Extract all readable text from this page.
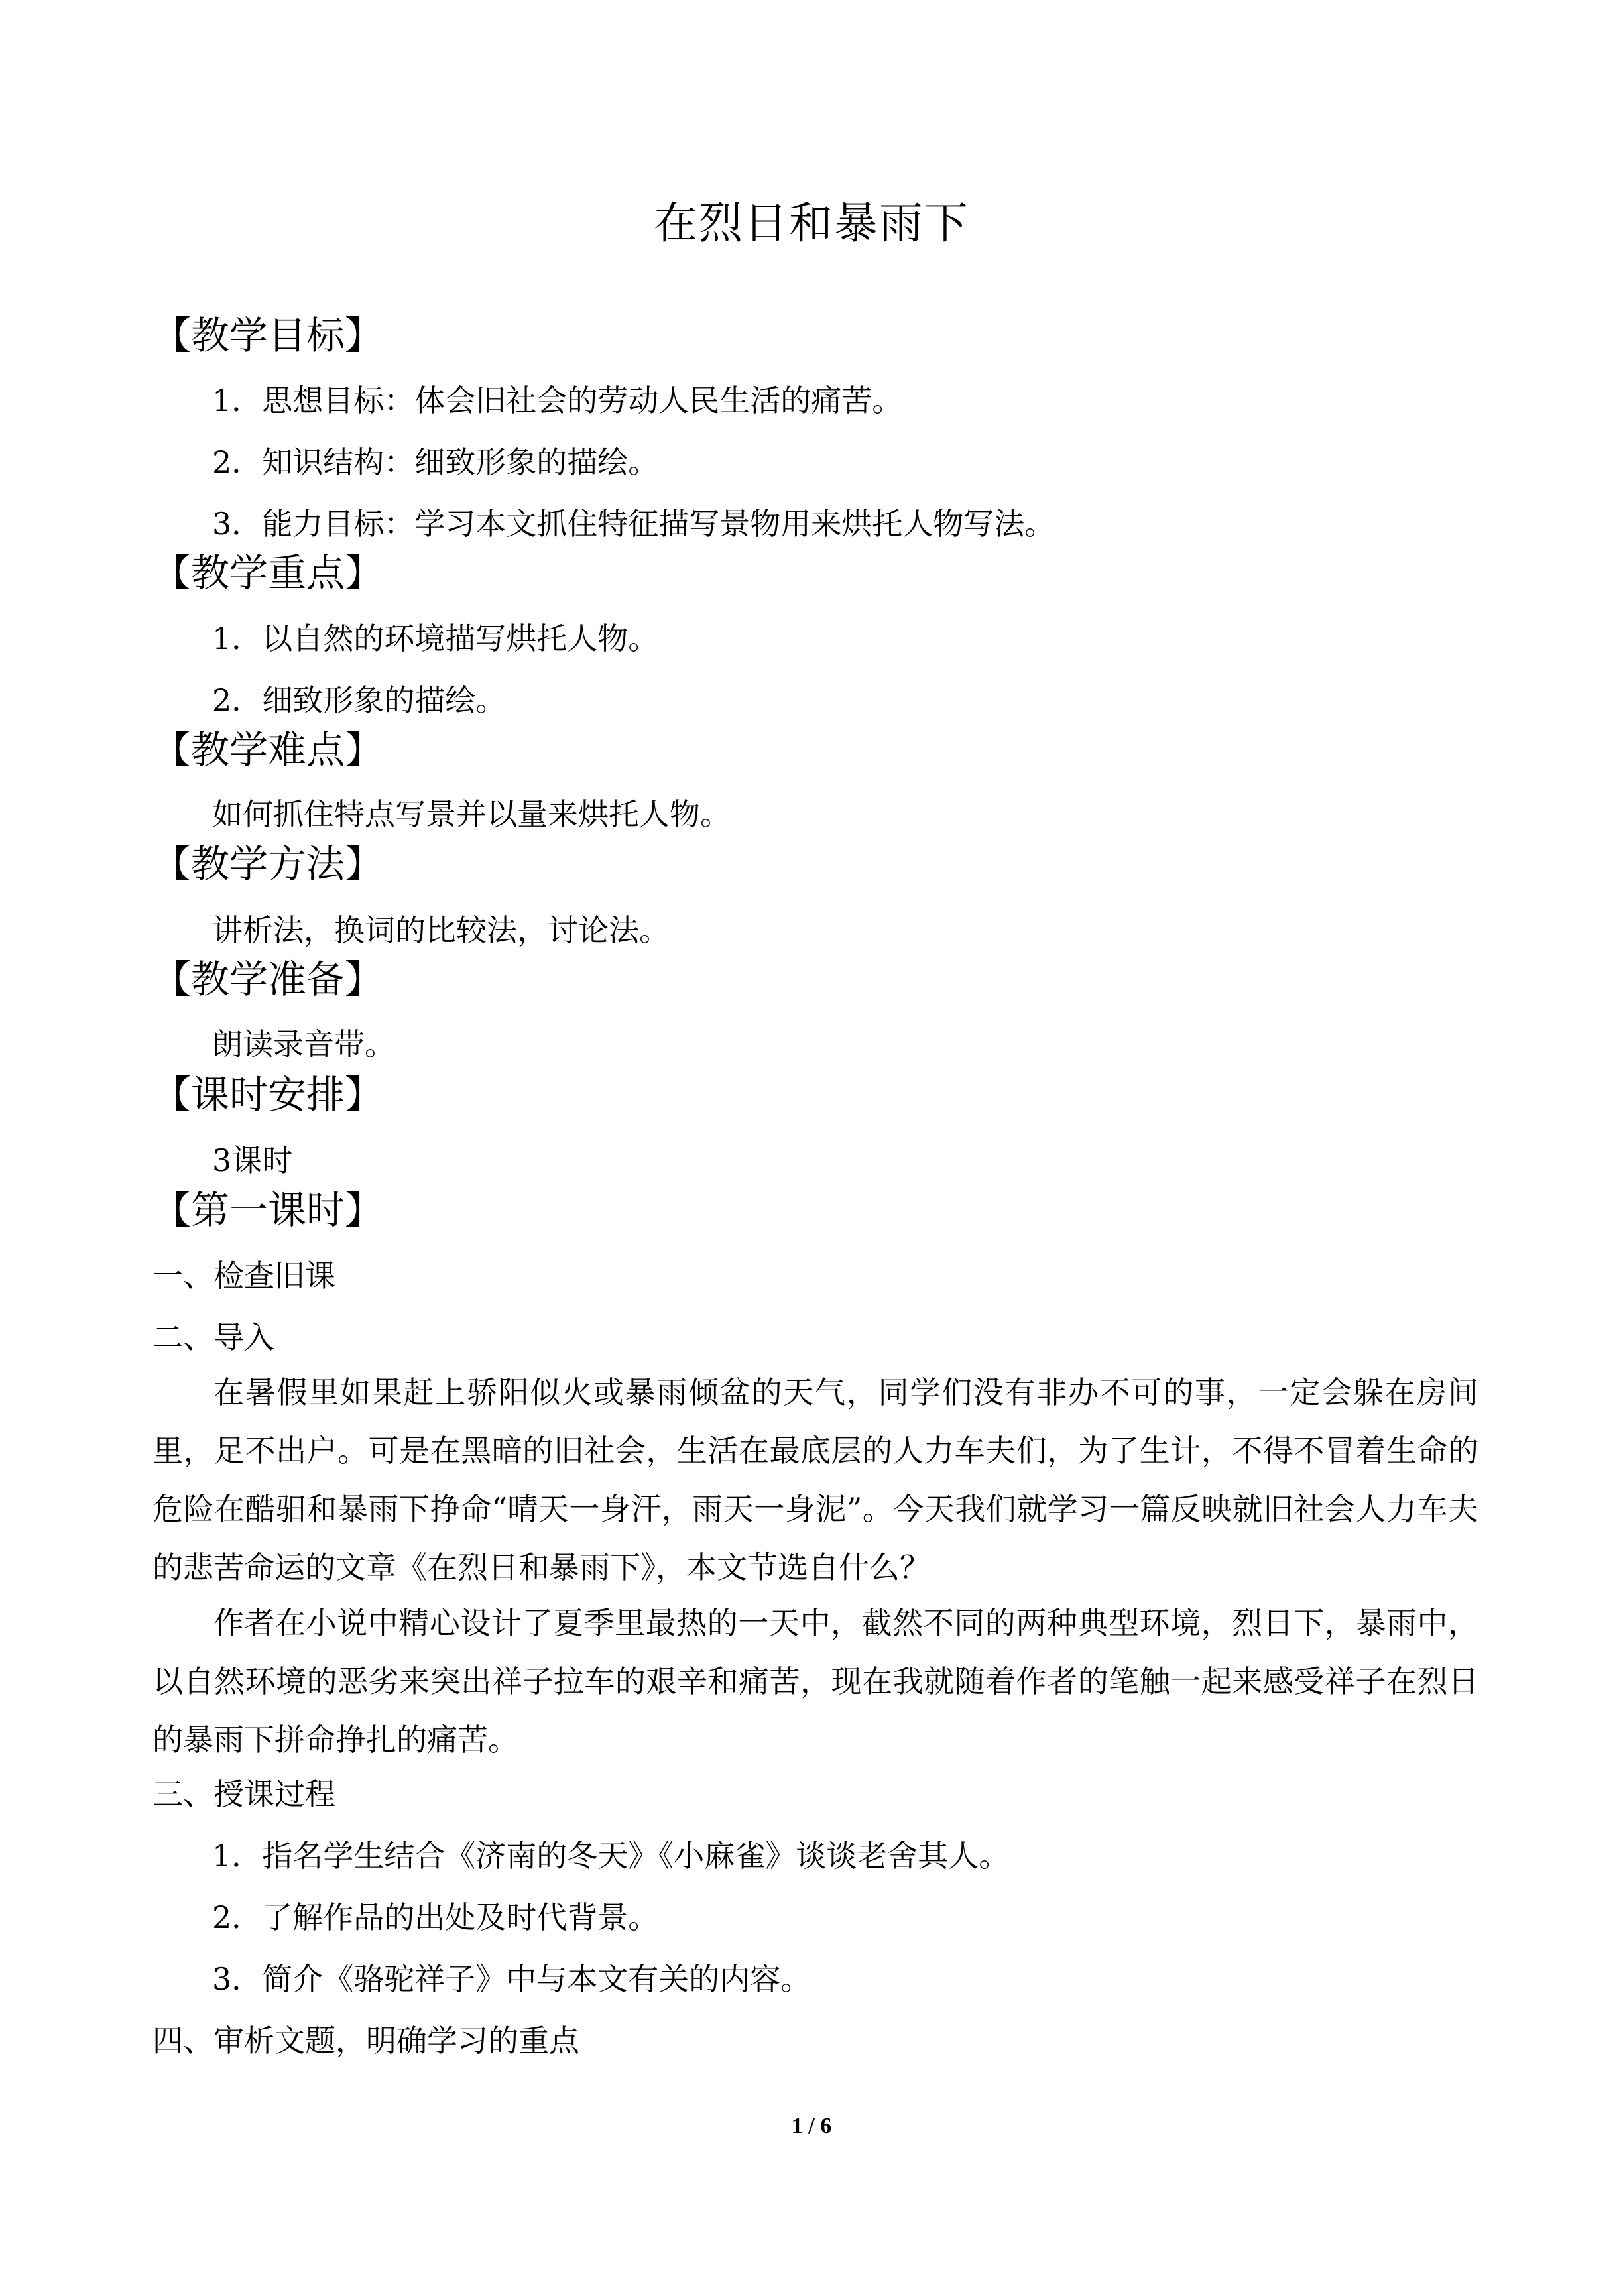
在烈日和暴雨下
【教学目标】
1．思想目标：体会旧社会的劳动人民生活的痛苦。
2．知识结构：细致形象的描绘。
3．能力目标：学习本文抓住特征描写景物用来烘托人物写法。
【教学重点】
1．以自然的环境描写烘托人物。
2．细致形象的描绘。
【教学难点】
如何抓住特点写景并以量来烘托人物。
【教学方法】
讲析法，换词的比较法，讨论法。
【教学准备】
朗读录音带。
【课时安排】
3课时
【第一课时】
一、检查旧课
二、导入

在暑假里如果赶上骄阳似火或暴雨倾盆的天气，同学们没有非办不可的事，一定会躲在房间里，足不出户。可是在黑暗的旧社会，生活在最底层的人力车夫们，为了生计，不得不冒着生命的危险在酷驲和暴雨下挣命“晴天一身汗，雨天一身泥”。今天我们就学习一篇反映就旧社会人力车夫的悲苦命运的文章《在烈日和暴雨下》，本文节选自什么？

作者在小说中精心设计了夏季里最热的一天中，截然不同的两种典型环境，烈日下，暴雨中，以自然环境的恶劣来突出祥子拉车的艰辛和痛苦，现在我就随着作者的笔触一起来感受祥子在烈日的暴雨下拼命挣扎的痛苦。

三、授课过程
1．指名学生结合《济南的冬天》《小麻雀》谈谈老舍其人。
2．了解作品的出处及时代背景。
3．简介《骆驼祥子》中与本文有关的内容。
四、审析文题，明确学习的重点
1 / 6
